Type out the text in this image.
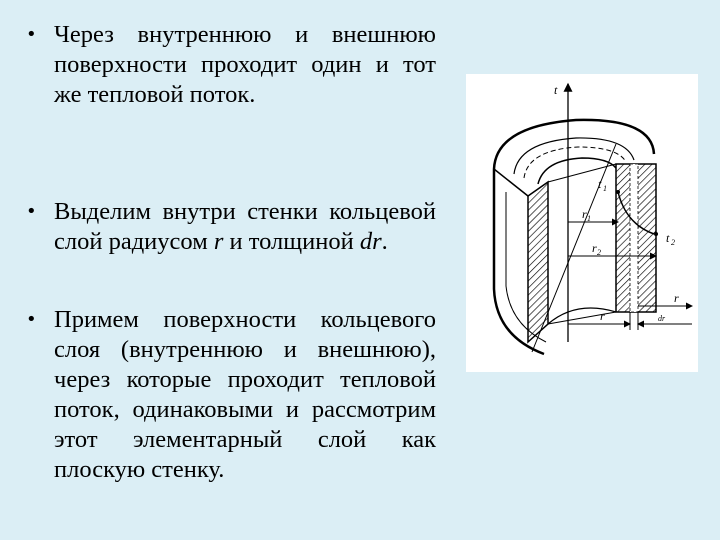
• Через внутреннюю и внешнюю поверхности проходит один и тот же тепловой поток.
• Выделим внутри стенки кольцевой слой радиусом r и толщиной dr.
• Примем поверхности кольцевого слоя (внутреннюю и внешнюю), через которые проходит тепловой поток, одинаковыми и рассмотрим этот элементарный слой как плоскую стенку.
t
t 1
t 2
r 1
r 2
r
r
dr
